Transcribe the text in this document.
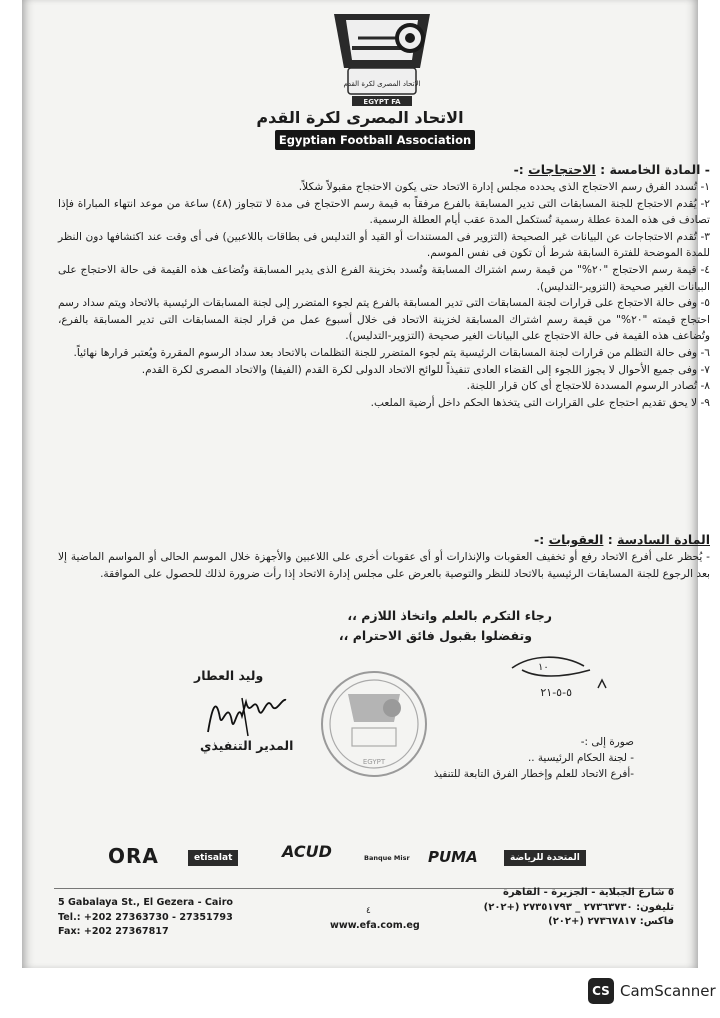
الاتحاد المصرى لكرة القدم
EGYPT FA
الاتحاد المصرى لكرة القدم
Egyptian Football Association
- المادة الخامسة : الاحتجاجات :-
١- تُسدد الفرق رسم الاحتجاج الذى يحدده مجلس إدارة الاتحاد حتى يكون الاحتجاج مقبولاً شكلاً.
٢- يُقدم الاحتجاج للجنة المسابقات التى تدير المسابقة بالفرع مرفقاً به قيمة رسم الاحتجاج فى مدة لا تتجاوز (٤٨) ساعة من موعد انتهاء المباراة فإذا تصادف فى هذه المدة عطلة رسمية تُستكمل المدة عقب أيام العطلة الرسمية.
٣- تُقدم الاحتجاجات عن البيانات غير الصحيحة (التزوير فى المستندات أو القيد أو التدليس فى بطاقات باللاعبين) فى أى وقت عند اكتشافها دون النظر للمدة الموضحة للفترة السابقة شرط أن تكون فى نفس الموسم.
٤- قيمة رسم الاحتجاج "٢٠%" من قيمة رسم اشتراك المسابقة وتُسدد بخزينة الفرع الذى يدير المسابقة وتُضاعف هذه القيمة فى حالة الاحتجاج على البيانات الغير صحيحة (التزوير-التدليس).
٥- وفى حالة الاحتجاج على قرارات لجنة المسابقات التى تدير المسابقة بالفرع يتم لجوء المتضرر إلى لجنة المسابقات الرئيسية بالاتحاد ويتم سداد رسم احتجاج قيمته "٢٠%" من قيمة رسم اشتراك المسابقة لخزينة الاتحاد فى خلال أسبوع عمل من قرار لجنة المسابقات التى تدير المسابقة بالفرع، وتُضاعف هذه القيمة فى حالة الاحتجاج على البيانات الغير صحيحة (التزوير-التدليس).
٦- وفى حالة التظلم من قرارات لجنة المسابقات الرئيسية يتم لجوء المتضرر للجنة التظلمات بالاتحاد بعد سداد الرسوم المقررة ويُعتبر قرارها نهائياً.
٧- وفى جميع الأحوال لا يجوز اللجوء إلى القضاء العادى تنفيذاً للوائح الاتحاد الدولى لكرة القدم (الفيفا) والاتحاد المصرى لكرة القدم.
٨- تُصادر الرسوم المسددة للاحتجاج أى كان قرار اللجنة.
٩- لا يحق تقديم احتجاج على القرارات التى يتخذها الحكم داخل أرضية الملعب.
المادة السادسة : العقوبات :-
- يُحظر على أفرع الاتحاد رفع أو تخفيف العقوبات والإنذارات أو أى عقوبات أخرى على اللاعبين والأجهزة خلال الموسم الحالى أو المواسم الماضية إلا بعد الرجوع للجنة المسابقات الرئيسية بالاتحاد للنظر والتوصية بالعرض على مجلس إدارة الاتحاد إذا رأت ضرورة لذلك للحصول على الموافقة.
رجاء التكرم بالعلم واتخاذ اللازم ،،
وتفضلوا بقبول فائق الاحترام ،،
١٠
٥-٥-٢١
وليد العطار
المدير التنفيذي
EGYPT
صورة إلى :-
- لجنة الحكام الرئيسية ..
-أفرع الاتحاد للعلم وإخطار الفرق التابعة للتنفيذ
ORA	etisalat	ACUD	Banque Misr PUMA	المتحدة للرياضة
5 Gabalaya St., El Gezera - Cairo
Tel.: +202 27363730 - 27351793
Fax: +202 27367817
٤
www.efa.com.eg
٥ شارع الجبلاية - الجزيرة - القاهرة
تليفون: ٢٧٣٦٣٧٣٠ _ ٢٧٣٥١٧٩٣ (+٢٠٢)
فاكس: ٢٧٣٦٧٨١٧ (+٢٠٢)
CS CamScanner
